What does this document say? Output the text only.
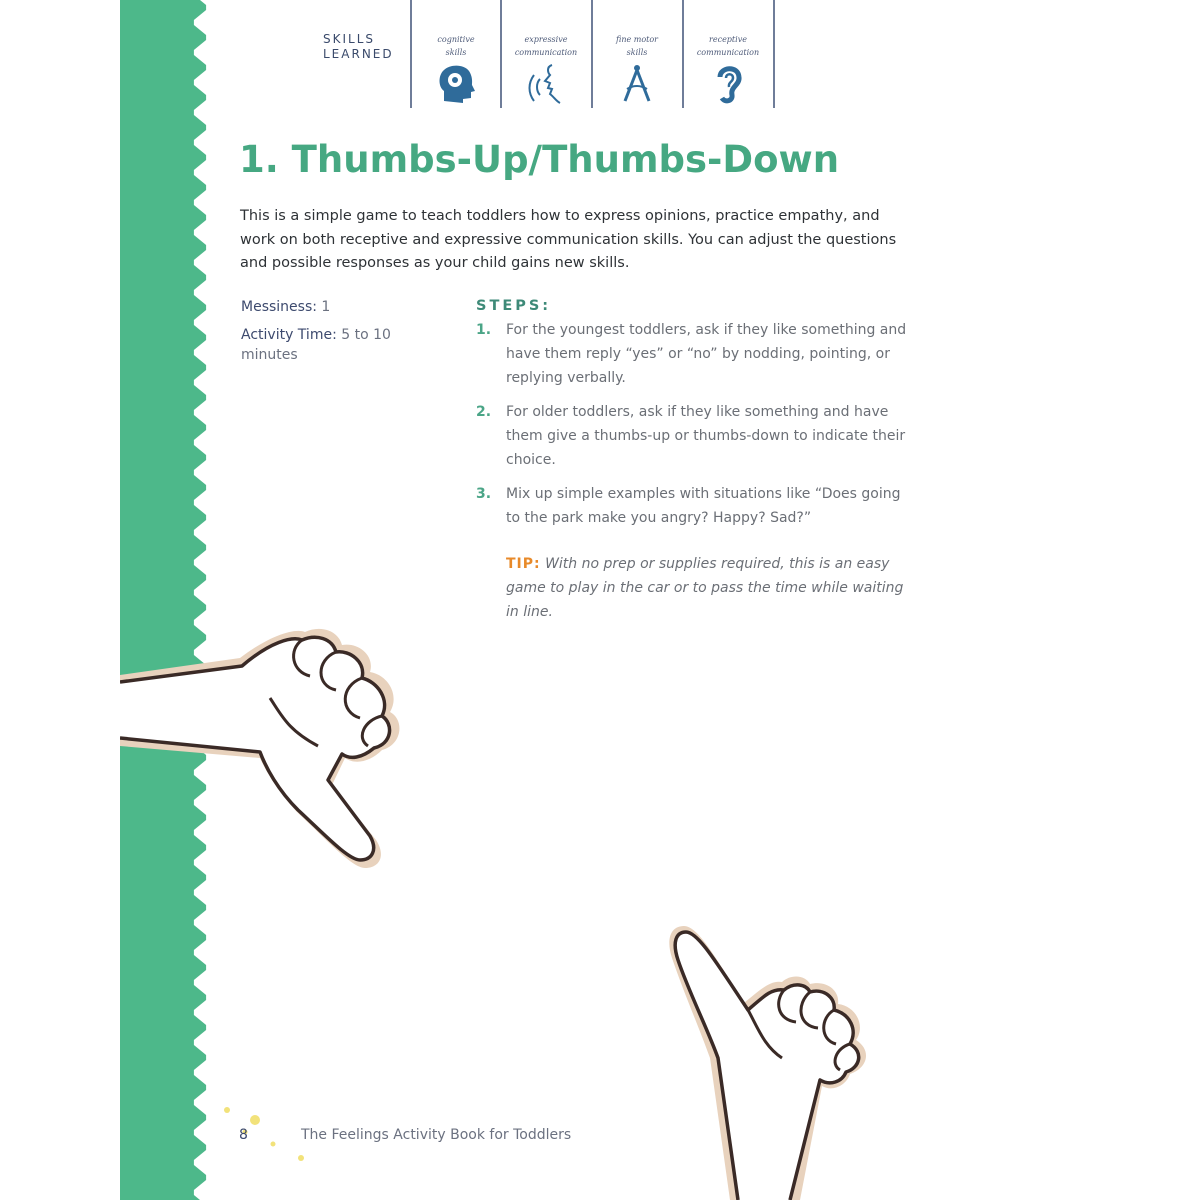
SKILLS
LEARNED
cognitive
skills
expressive
communication
fine motor
skills
receptive
communication
1. Thumbs-Up/Thumbs-Down

This is a simple game to teach toddlers how to express opinions, practice empathy, and work on both receptive and expressive communication skills. You can adjust the questions and possible responses as your child gains new skills.

Messiness: 1

Activity Time: 5 to 10 minutes

STEPS:
1. For the youngest toddlers, ask if they like something and have them reply “yes” or “no” by nodding, pointing, or replying verbally.
2. For older toddlers, ask if they like something and have them give a thumbs-up or thumbs-down to indicate their choice.
3. Mix up simple examples with situations like “Does going to the park make you angry? Happy? Sad?”
TIP: With no prep or supplies required, this is an easy game to play in the car or to pass the time while waiting in line.
8	The Feelings Activity Book for Toddlers
